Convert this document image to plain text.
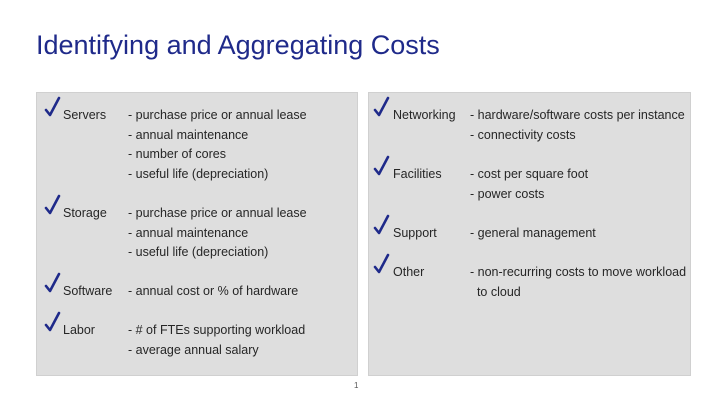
Identifying and Aggregating Costs
Servers - purchase price or annual lease
- annual maintenance
- number of cores
- useful life (depreciation)
Storage - purchase price or annual lease
- annual maintenance
- useful life (depreciation)
Software - annual cost or % of hardware
Labor	- # of FTEs supporting workload
- average annual salary
Networking - hardware/software costs per instance
- connectivity costs
Facilities - cost per square foot
- power costs
Support	- general management
Other	- non-recurring costs to move workload
to cloud
1
